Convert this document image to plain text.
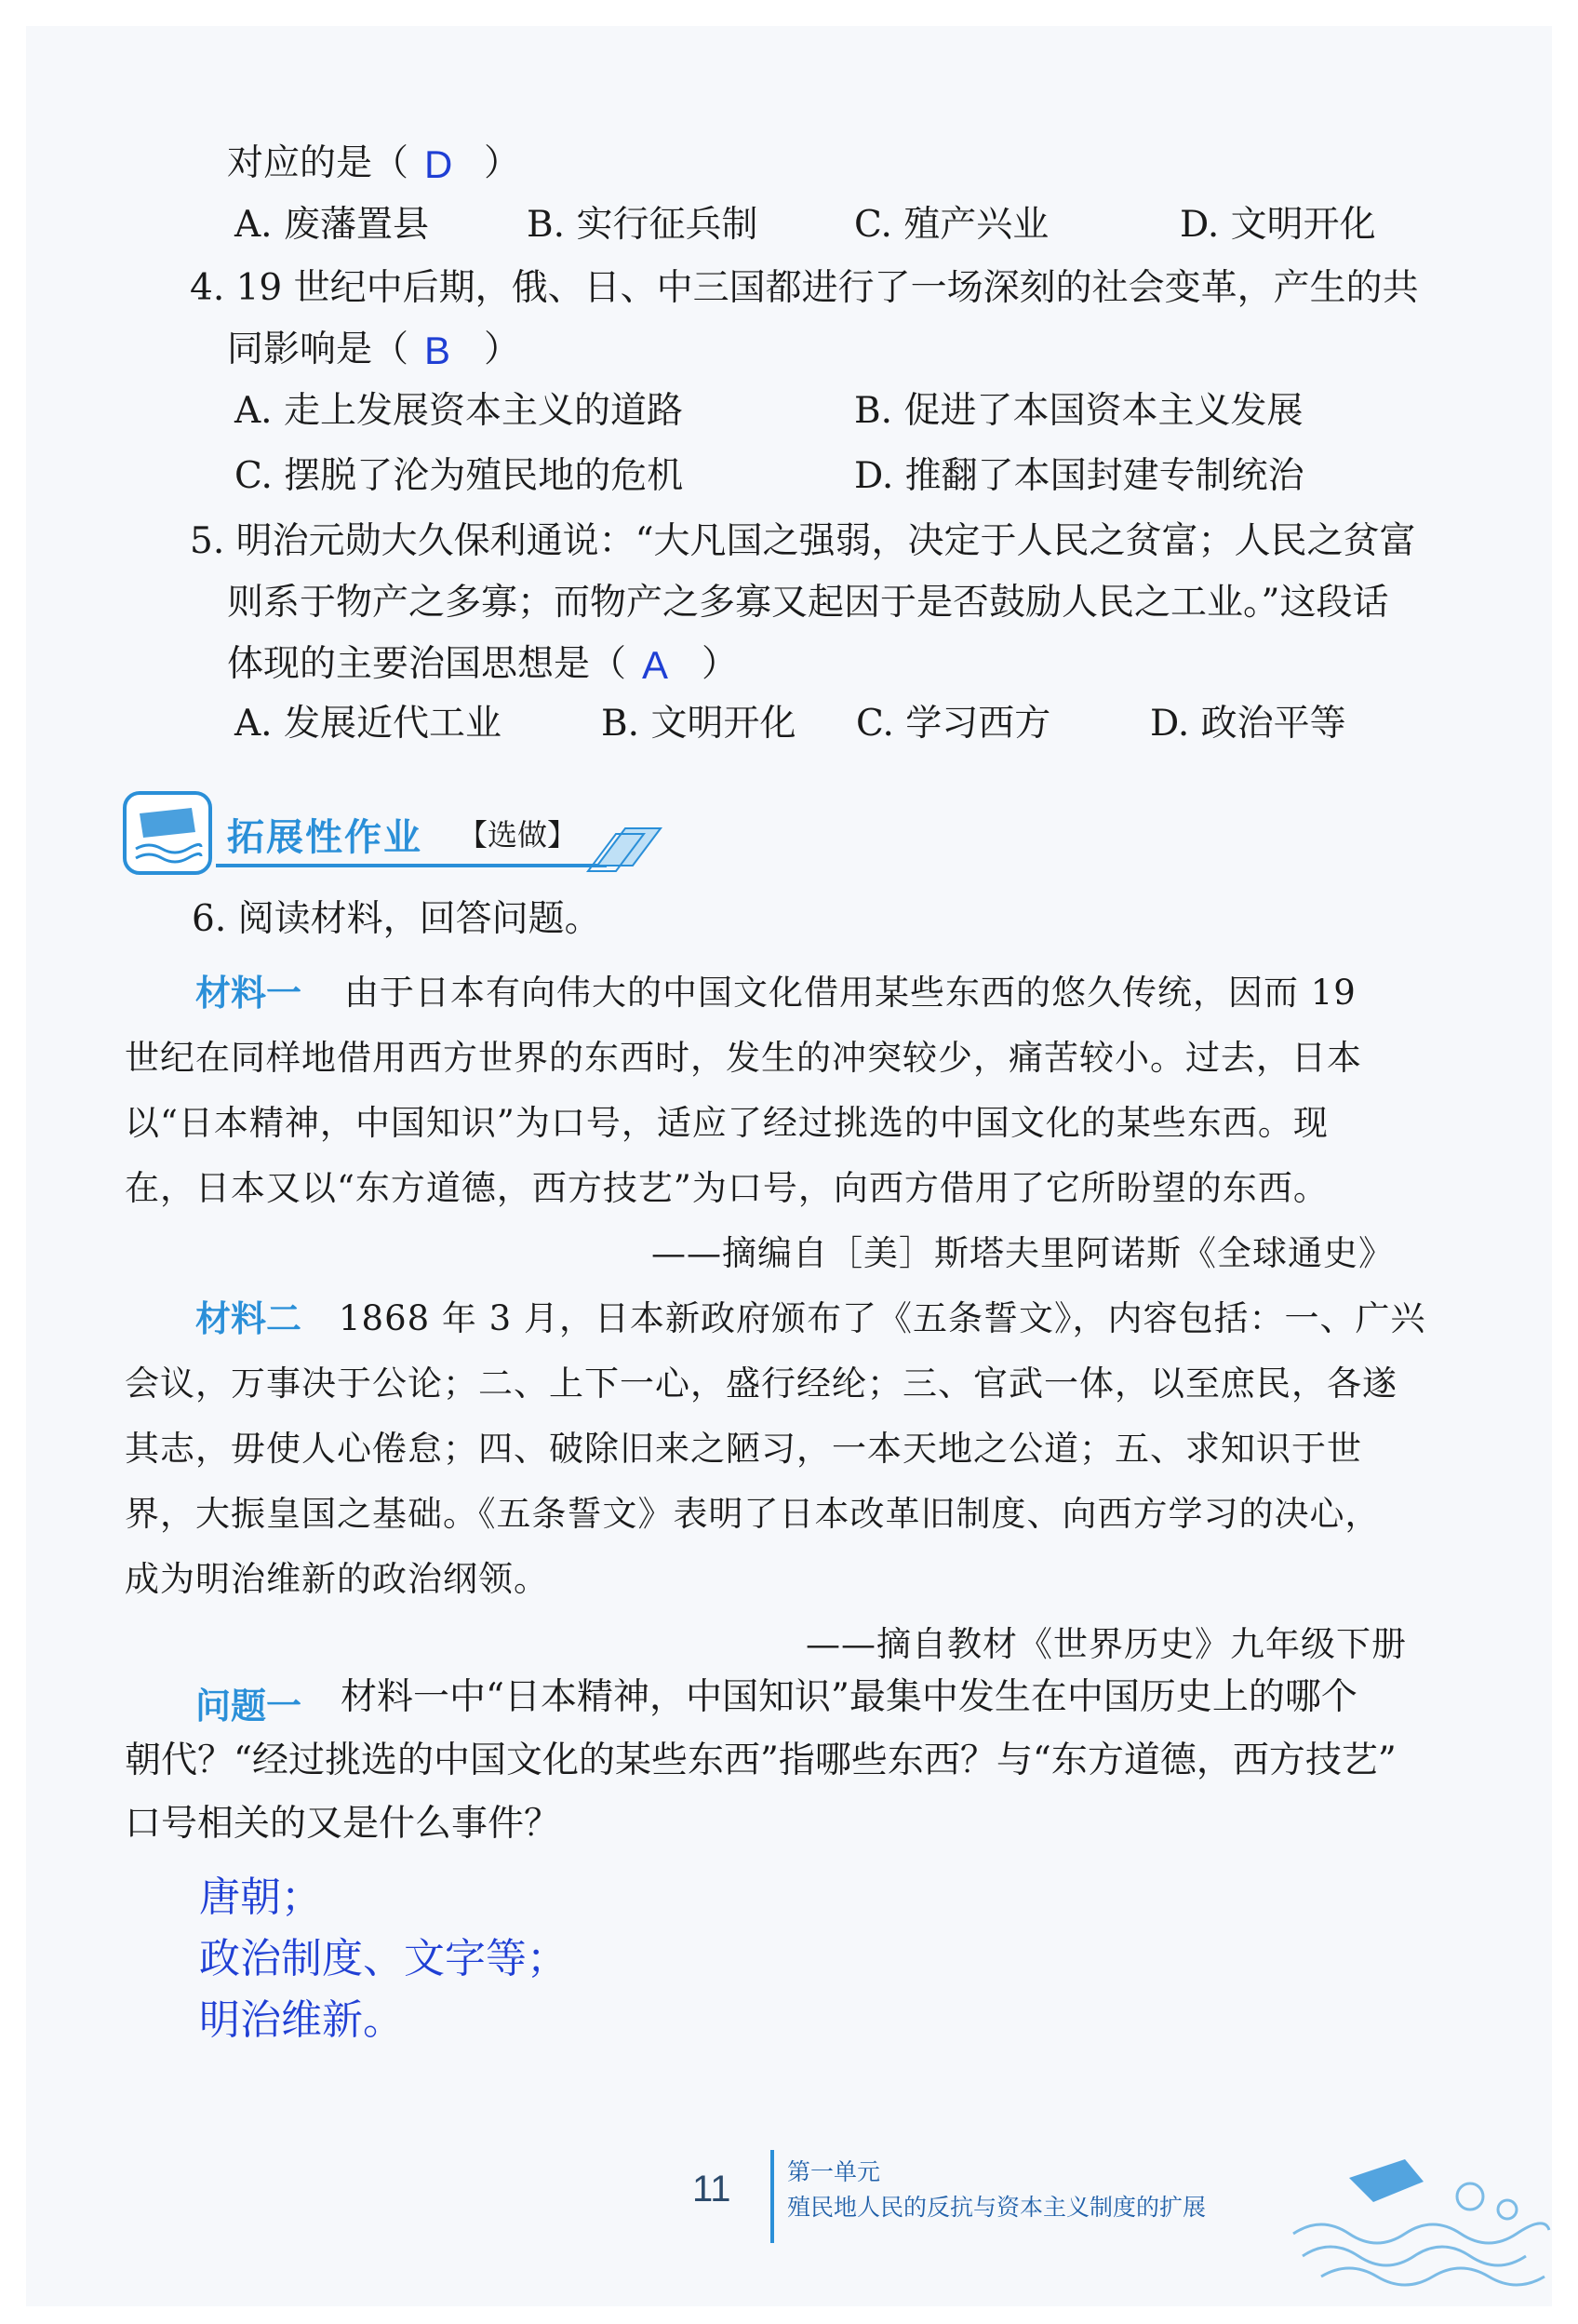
对应的是（ D ）
A. 废藩置县	B. 实行征兵制	C. 殖产兴业	D. 文明开化
4. 19 世纪中后期，俄、日、中三国都进行了一场深刻的社会变革，产生的共
同影响是（ B ）
A. 走上发展资本主义的道路	B. 促进了本国资本主义发展
C. 摆脱了沦为殖民地的危机	D. 推翻了本国封建专制统治
5. 明治元勋大久保利通说：“大凡国之强弱，决定于人民之贫富；人民之贫富
则系于物产之多寡；而物产之多寡又起因于是否鼓励人民之工业。”这段话
体现的主要治国思想是（ A ）
A. 发展近代工业	B. 文明开化 C. 学习西方	D. 政治平等
拓展性作业 【选做】
6. 阅读材料，回答问题。
材料一 由于日本有向伟大的中国文化借用某些东西的悠久传统，因而 19
世纪在同样地借用西方世界的东西时，发生的冲突较少，痛苦较小。过去，日本
以“日本精神，中国知识”为口号，适应了经过挑选的中国文化的某些东西。现
在，日本又以“东方道德，西方技艺”为口号，向西方借用了它所盼望的东西。
——摘编自［美］斯塔夫里阿诺斯《全球通史》
材料二 1868 年 3 月，日本新政府颁布了《五条誓文》，内容包括：一、广兴
会议，万事决于公论；二、上下一心，盛行经纶；三、官武一体，以至庶民，各遂
其志，毋使人心倦怠；四、破除旧来之陋习，一本天地之公道；五、求知识于世
界，大振皇国之基础。《五条誓文》表明了日本改革旧制度、向西方学习的决心，
成为明治维新的政治纲领。
——摘自教材《世界历史》九年级下册
问题一 材料一中“日本精神，中国知识”最集中发生在中国历史上的哪个
朝代？“经过挑选的中国文化的某些东西”指哪些东西？与“东方道德，西方技艺”
口号相关的又是什么事件？
唐朝；
政治制度、文字等；
明治维新。
11 第一单元
殖民地人民的反抗与资本主义制度的扩展
